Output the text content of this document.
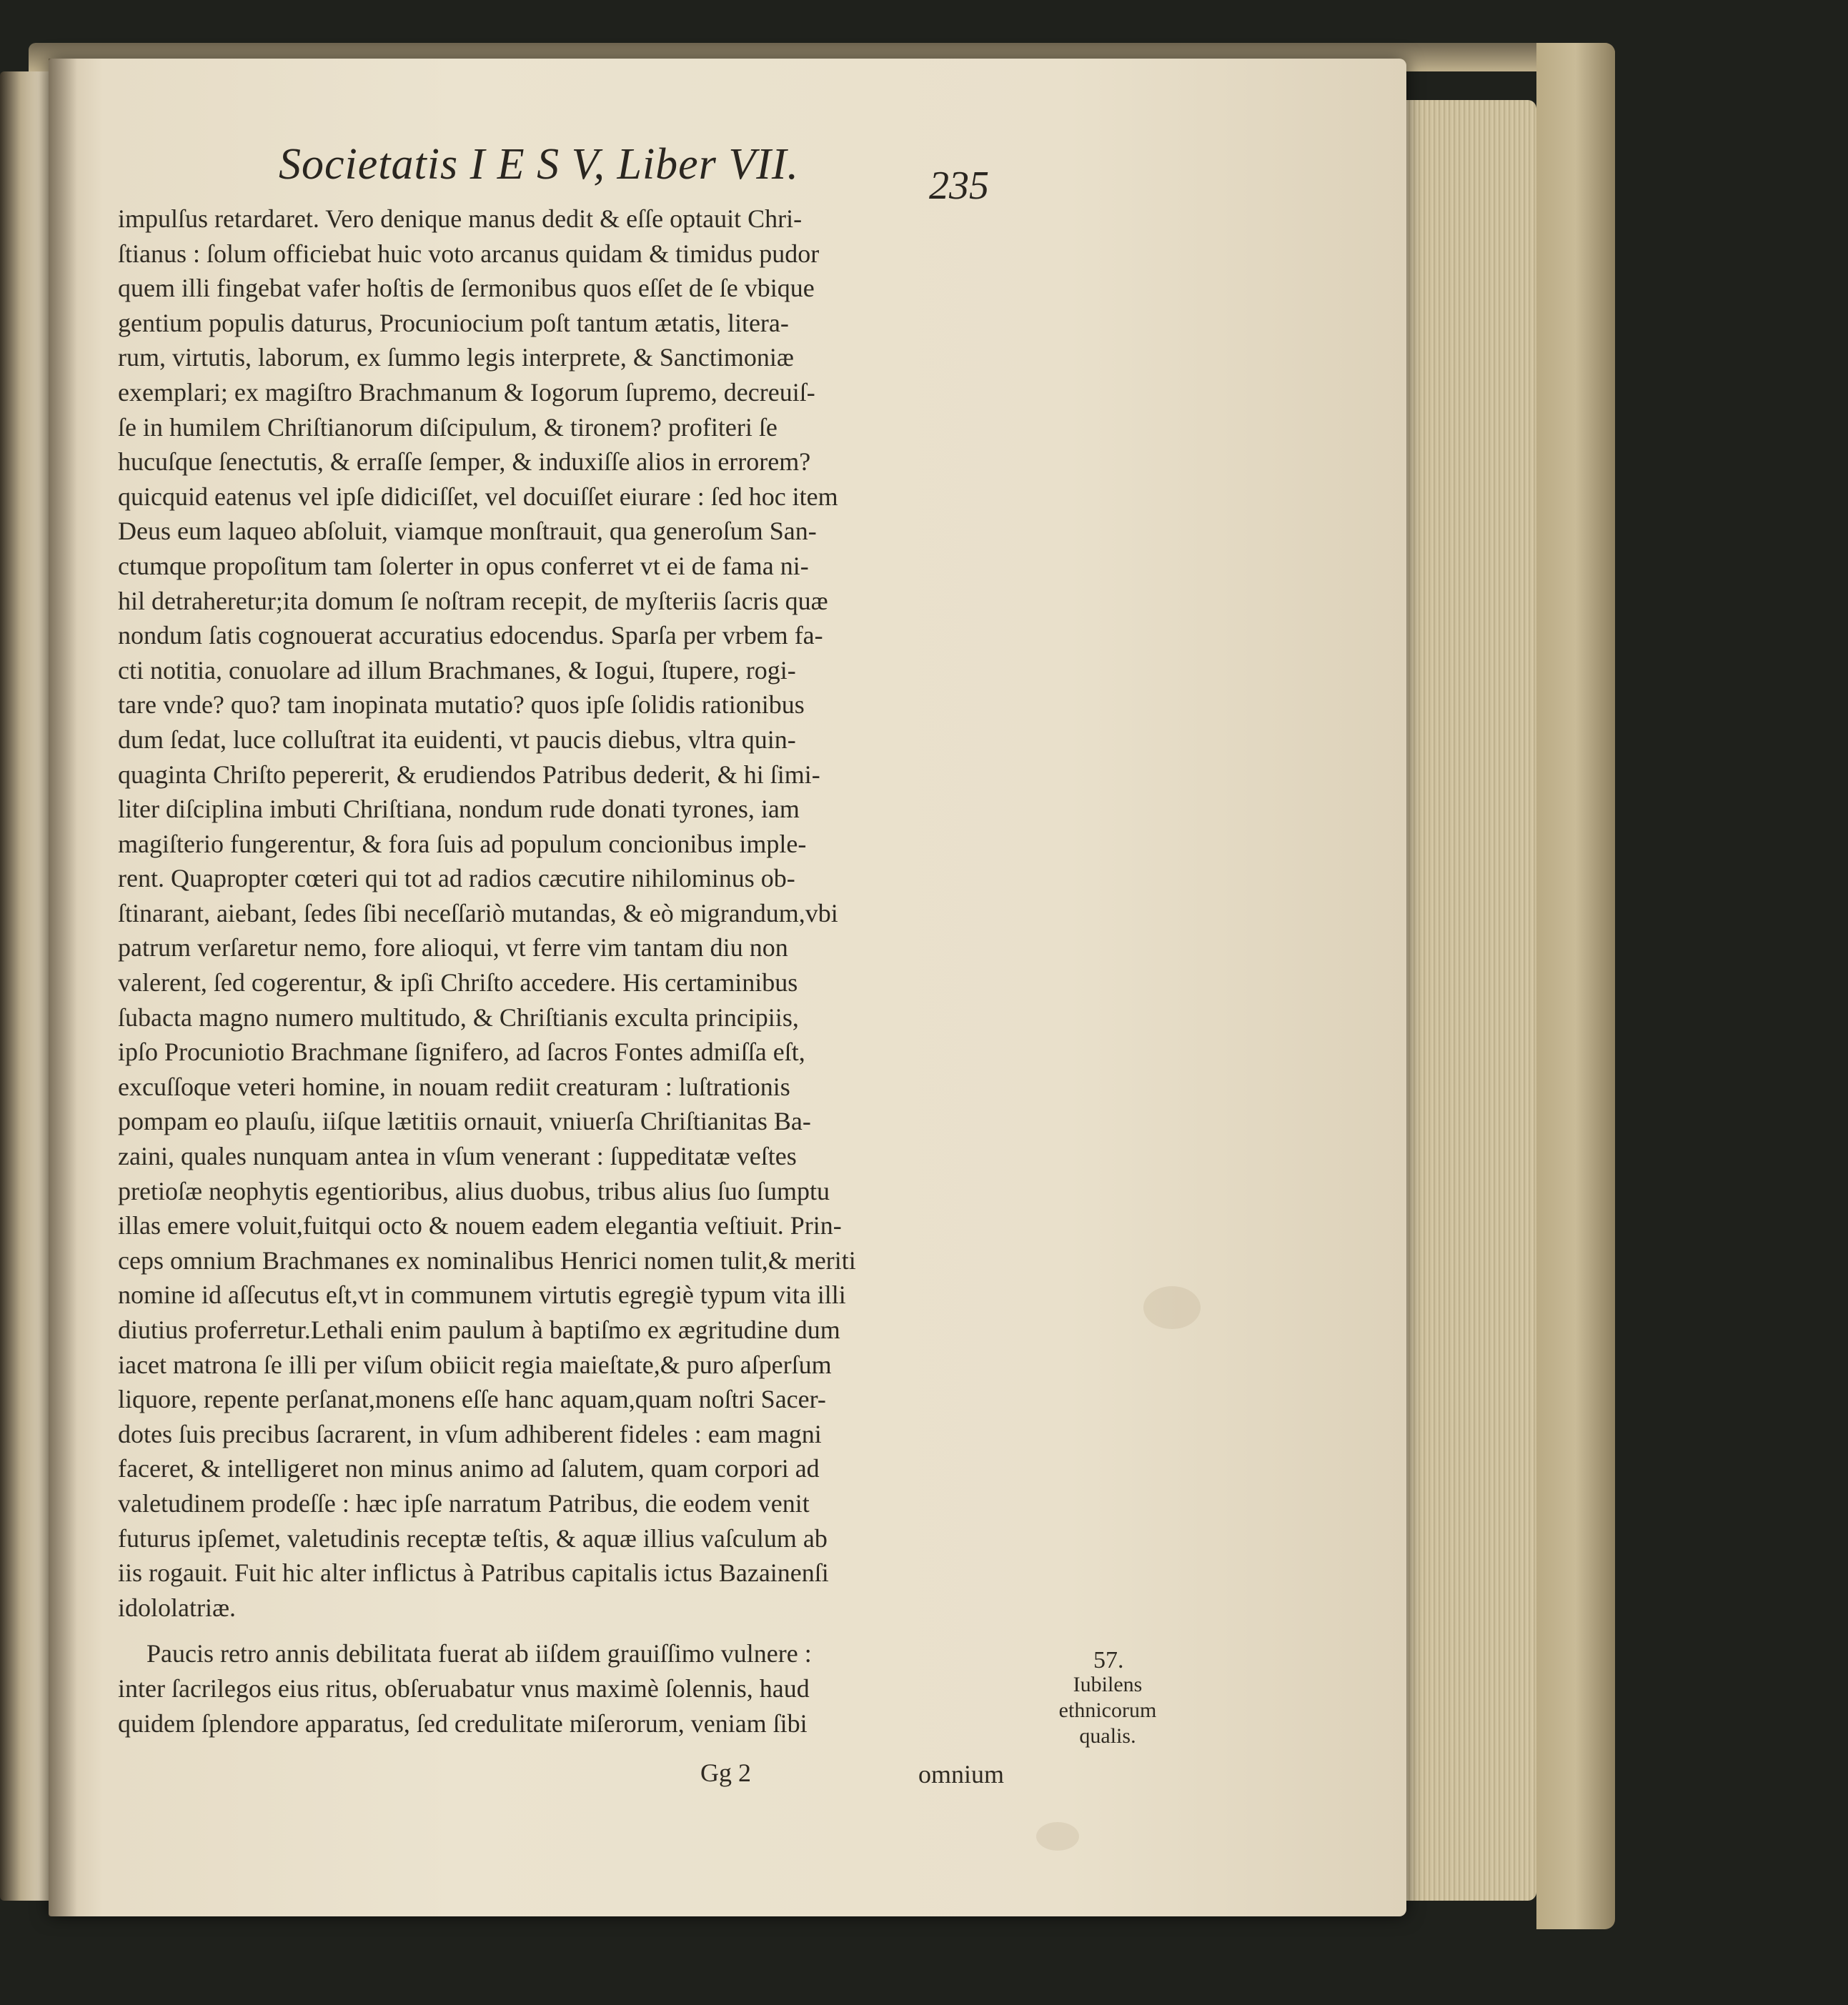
Societatis I E S V, Liber VII.	235
impulſus retardaret. Vero denique manus dedit & eſſe optauit Chri-
ſtianus : ſolum officiebat huic voto arcanus quidam & timidus pudor
quem illi fingebat vafer hoſtis de ſermonibus quos eſſet de ſe vbique
gentium populis daturus, Procuniocium poſt tantum ætatis, litera-
rum, virtutis, laborum, ex ſummo legis interprete, & Sanctimoniæ
exemplari; ex magiſtro Brachmanum & Iogorum ſupremo, decreuiſ-
ſe in humilem Chriſtianorum diſcipulum, & tironem? profiteri ſe
hucuſque ſenectutis, & erraſſe ſemper, & induxiſſe alios in errorem?
quicquid eatenus vel ipſe didiciſſet, vel docuiſſet eiurare : ſed hoc item
Deus eum laqueo abſoluit, viamque monſtrauit, qua generoſum San-
ctumque propoſitum tam ſolerter in opus conferret vt ei de fama ni-
hil detraheretur;ita domum ſe noſtram recepit, de myſteriis ſacris quæ
nondum ſatis cognouerat accuratius edocendus. Sparſa per vrbem fa-
cti notitia, conuolare ad illum Brachmanes, & Iogui, ſtupere, rogi-
tare vnde? quo? tam inopinata mutatio? quos ipſe ſolidis rationibus
dum ſedat, luce colluſtrat ita euidenti, vt paucis diebus, vltra quin-
quaginta Chriſto pepererit, & erudiendos Patribus dederit, & hi ſimi-
liter diſciplina imbuti Chriſtiana, nondum rude donati tyrones, iam
magiſterio fungerentur, & fora ſuis ad populum concionibus imple-
rent. Quapropter cœteri qui tot ad radios cæcutire nihilominus ob-
ſtinarant, aiebant, ſedes ſibi neceſſariò mutandas, & eò migrandum,vbi
patrum verſaretur nemo, fore alioqui, vt ferre vim tantam diu non
valerent, ſed cogerentur, & ipſi Chriſto accedere. His certaminibus
ſubacta magno numero multitudo, & Chriſtianis exculta principiis,
ipſo Procuniotio Brachmane ſignifero, ad ſacros Fontes admiſſa eſt,
excuſſoque veteri homine, in nouam rediit creaturam : luſtrationis
pompam eo plauſu, iiſque lætitiis ornauit, vniuerſa Chriſtianitas Ba-
zaini, quales nunquam antea in vſum venerant : ſuppeditatæ veſtes
pretioſæ neophytis egentioribus, alius duobus, tribus alius ſuo ſumptu
illas emere voluit,fuitqui octo & nouem eadem elegantia veſtiuit. Prin-
ceps omnium Brachmanes ex nominalibus Henrici nomen tulit,& meriti
nomine id aſſecutus eſt,vt in communem virtutis egregiè typum vita illi
diutius proferretur.Lethali enim paulum à baptiſmo ex ægritudine dum
iacet matrona ſe illi per viſum obiicit regia maieſtate,& puro aſperſum
liquore, repente perſanat,monens eſſe hanc aquam,quam noſtri Sacer-
dotes ſuis precibus ſacrarent, in vſum adhiberent fideles : eam magni
faceret, & intelligeret non minus animo ad ſalutem, quam corpori ad
valetudinem prodeſſe : hæc ipſe narratum Patribus, die eodem venit
futurus ipſemet, valetudinis receptæ teſtis, & aquæ illius vaſculum ab
iis rogauit. Fuit hic alter inflictus à Patribus capitalis ictus Bazainenſi
idololatriæ.
Paucis retro annis debilitata fuerat ab iiſdem grauiſſimo vulnere :
inter ſacrilegos eius ritus, obſeruabatur vnus maximè ſolennis, haud
quidem ſplendore apparatus, ſed credulitate miſerorum, veniam ſibi
Gg 2	omnium
57.
Iubilens
ethnicorum
qualis.
